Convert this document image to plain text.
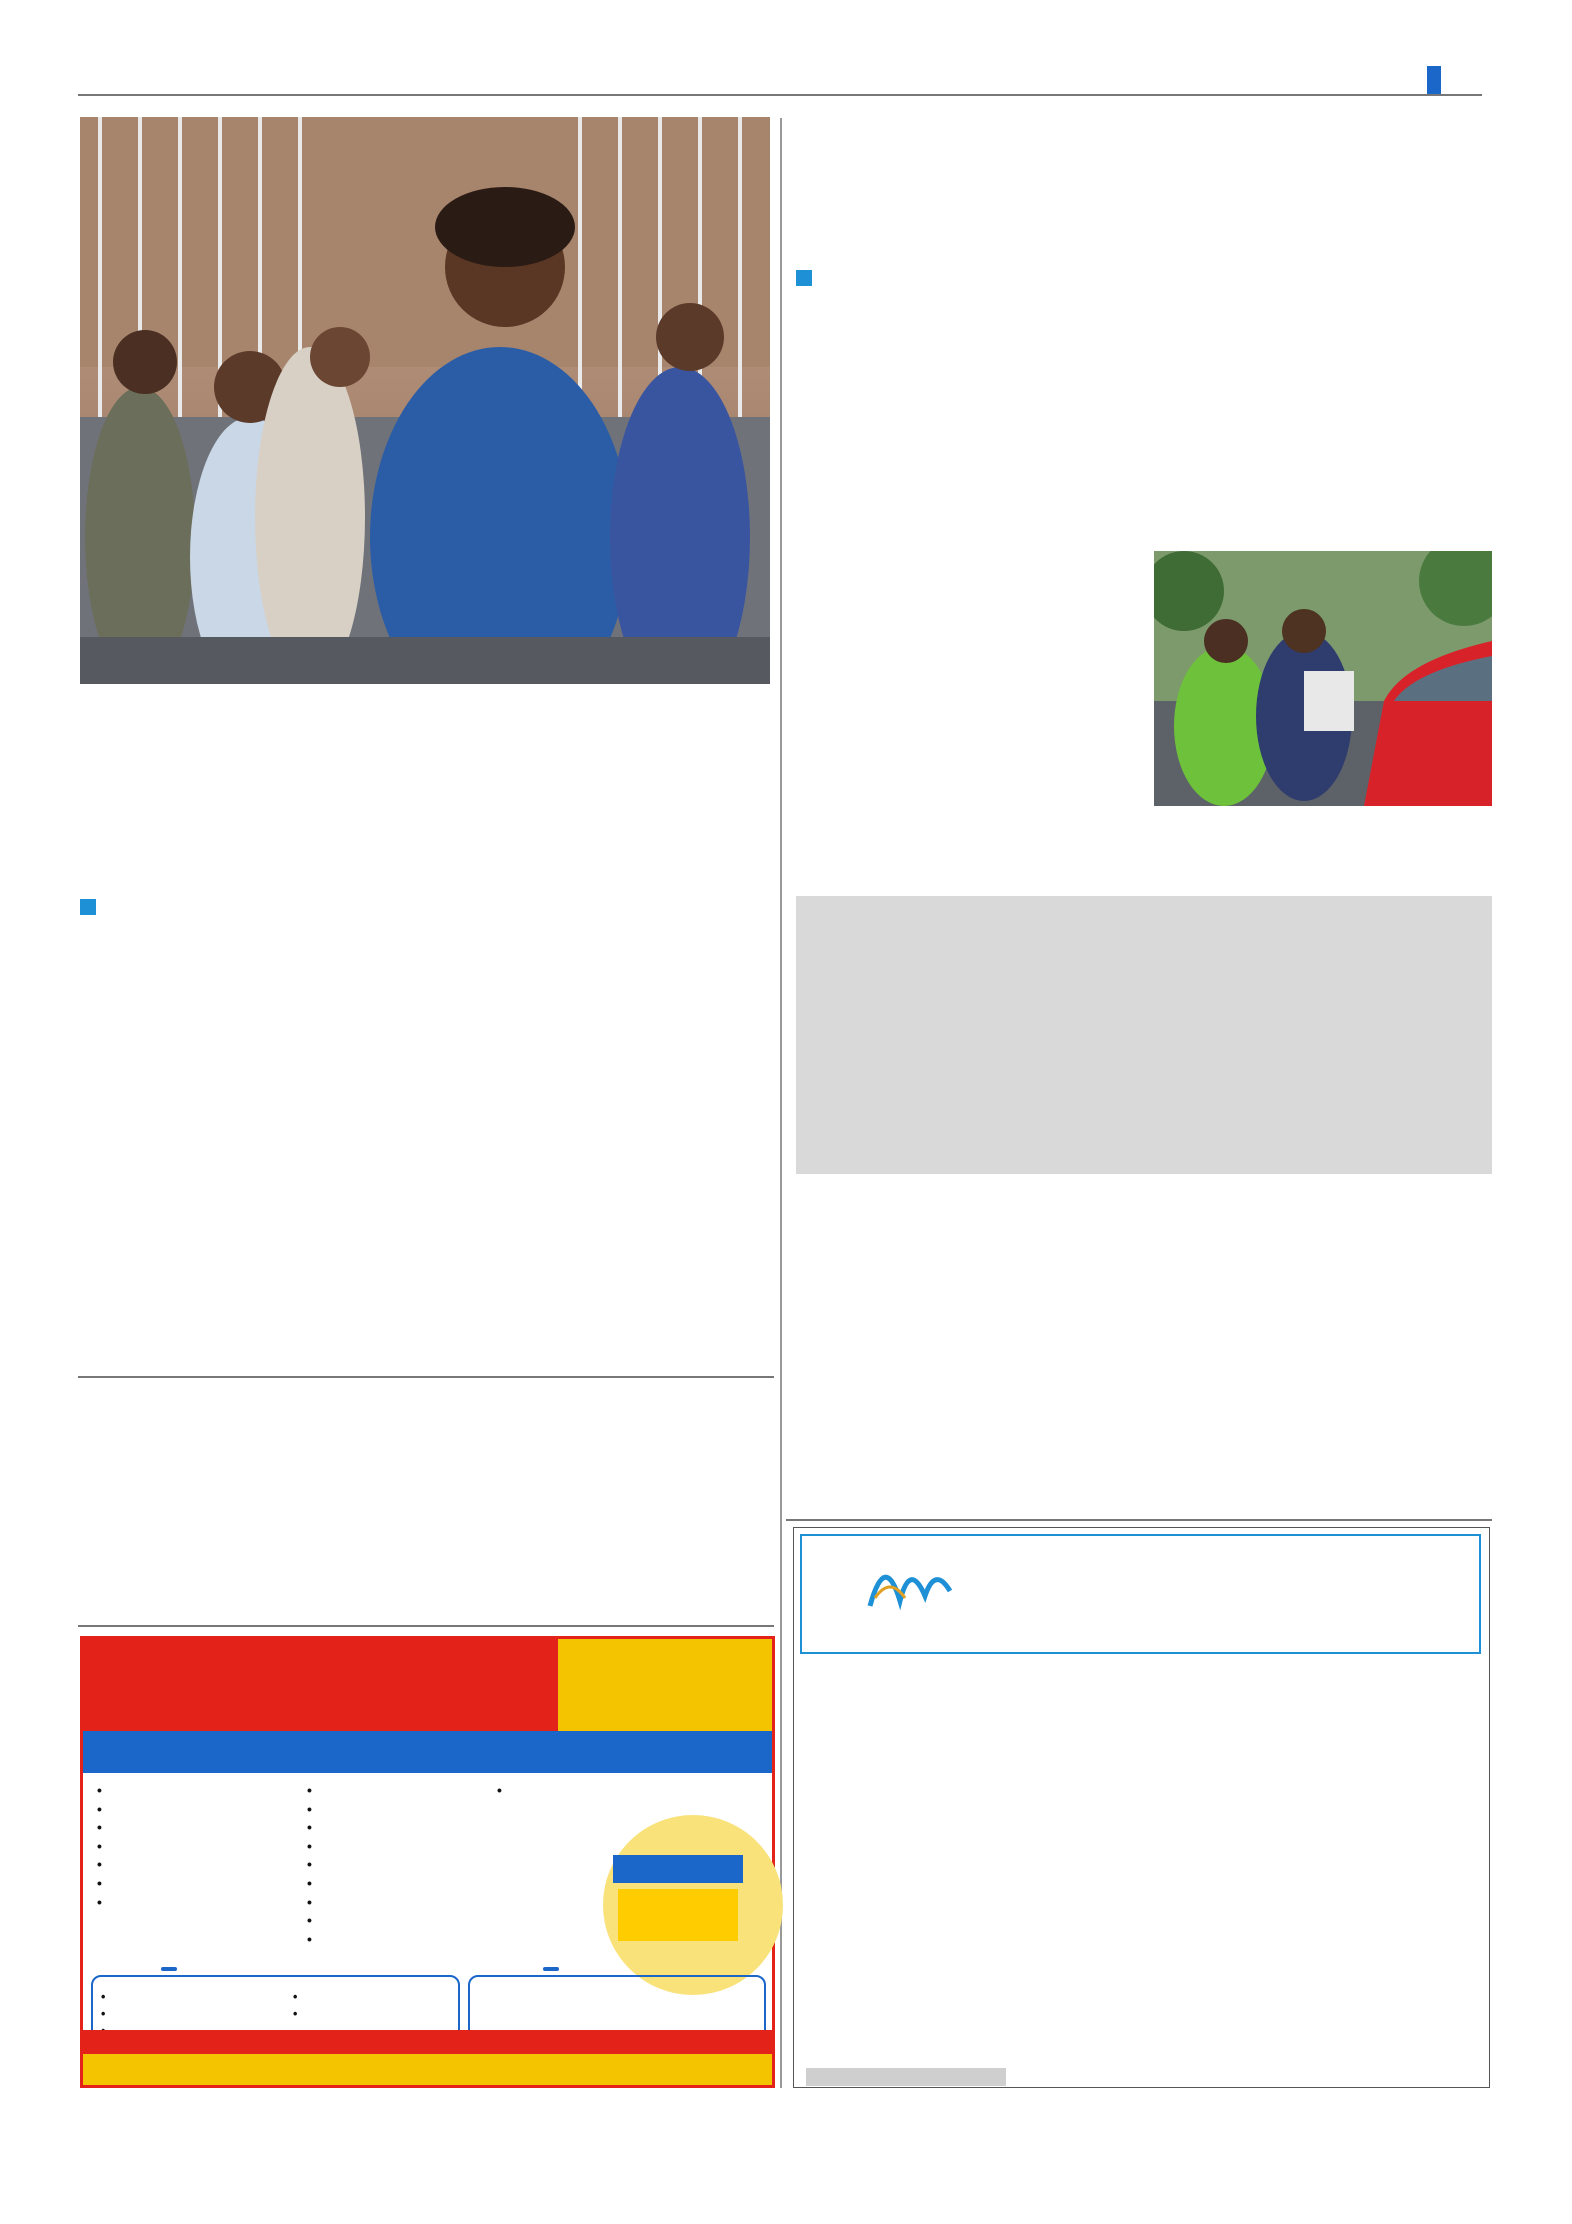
•
•
•
•
•
•
•
•
•
•
•
•
•
•
•
•
•
•
•
•
•
•
